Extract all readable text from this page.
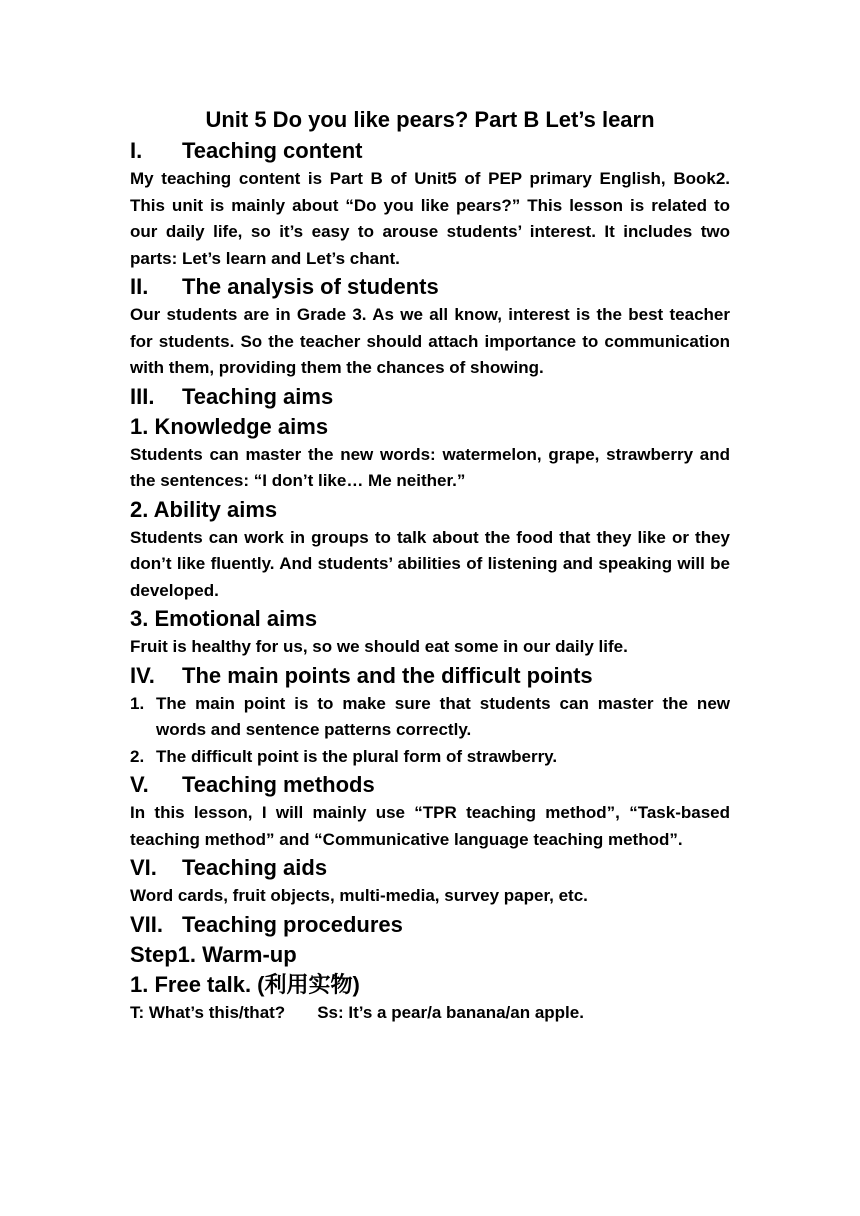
Unit 5 Do you like pears? Part B Let’s learn

I.	Teaching content

My teaching content is Part B of Unit5 of PEP primary English, Book2. This unit is mainly about “Do you like pears?” This lesson is related to our daily life, so it’s easy to arouse students’ interest. It includes two parts: Let’s learn and Let’s chant.

II.	The analysis of students

Our students are in Grade 3. As we all know, interest is the best teacher for students. So the teacher should attach importance to communication with them, providing them the chances of showing.

III.	Teaching aims

1. Knowledge aims

Students can master the new words: watermelon, grape, strawberry and the sentences: “I don’t like… Me neither.”

2. Ability aims

Students can work in groups to talk about the food that they like or they don’t like fluently. And students’ abilities of listening and speaking will be developed.

3. Emotional aims

Fruit is healthy for us, so we should eat some in our daily life.

IV.	The main points and the difficult points
1. The main point is to make sure that students can master the new words and sentence patterns correctly.
2. The difficult point is the plural form of strawberry.
V.	Teaching methods

In this lesson, I will mainly use “TPR teaching method”, “Task-based teaching method” and “Communicative language teaching method”.

VI.	Teaching aids

Word cards, fruit objects, multi-media, survey paper, etc.

VII. Teaching procedures

Step1. Warm-up

1. Free talk. (利用实物)

T: What’s this/that? Ss: It’s a pear/a banana/an apple.
